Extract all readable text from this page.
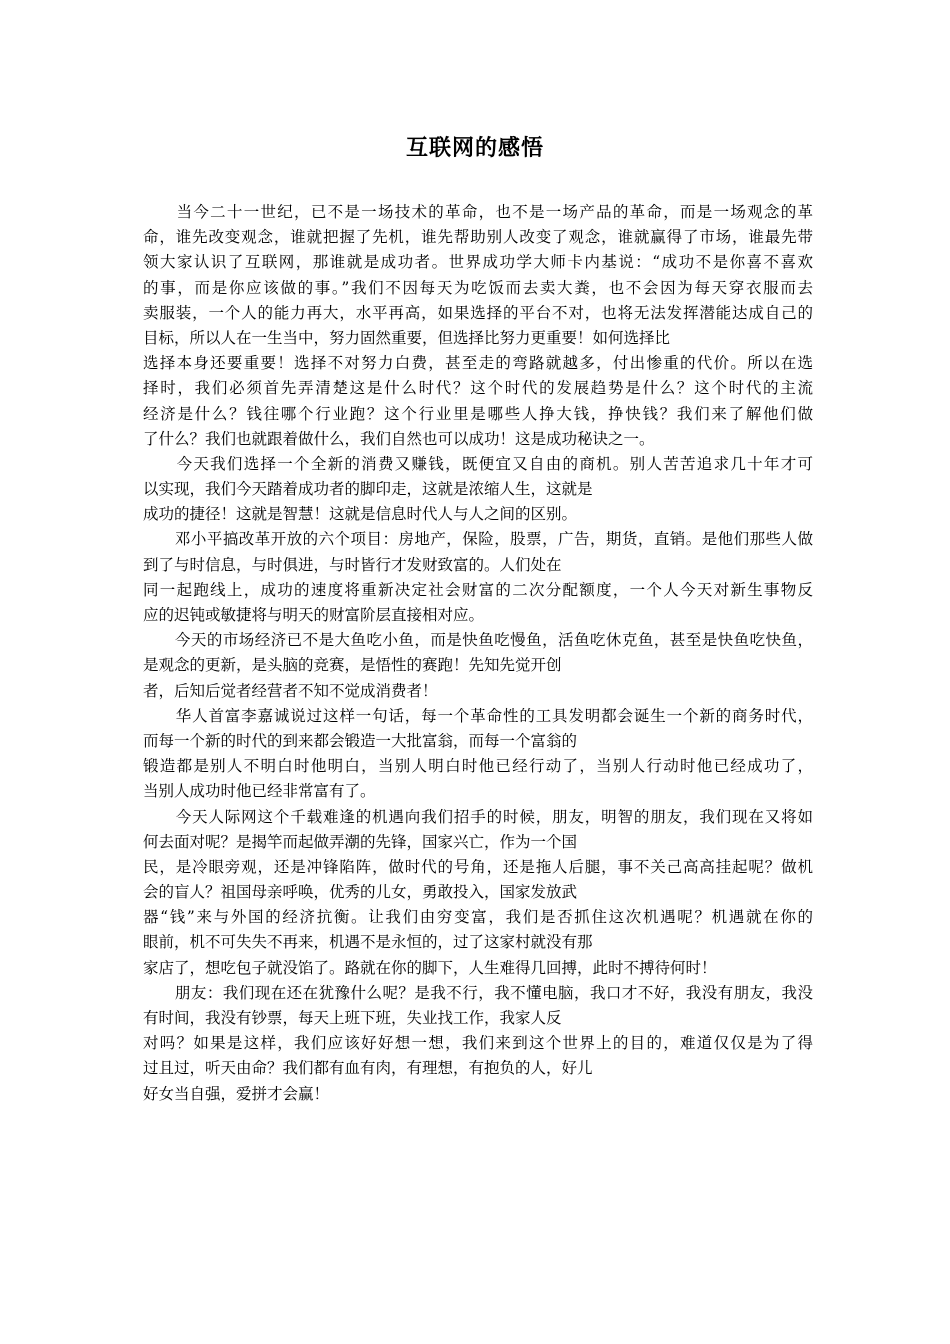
互联网的感悟
　　当今二十一世纪，已不是一场技术的革命，也不是一场产品的革命，而是一场观念的革
命，谁先改变观念，谁就把握了先机，谁先帮助别人改变了观念，谁就赢得了市场，谁最先带
领大家认识了互联网，那谁就是成功者。世界成功学大师卡内基说：“成功不是你喜不喜欢
的事，而是你应该做的事。”我们不因每天为吃饭而去卖大粪，也不会因为每天穿衣服而去
卖服装，一个人的能力再大，水平再高，如果选择的平台不对，也将无法发挥潜能达成自己的
目标，所以人在一生当中，努力固然重要，但选择比努力更重要！如何选择比
选择本身还要重要！选择不对努力白费，甚至走的弯路就越多，付出惨重的代价。所以在选
择时，我们必须首先弄清楚这是什么时代？这个时代的发展趋势是什么？这个时代的主流
经济是什么？钱往哪个行业跑？这个行业里是哪些人挣大钱，挣快钱？我们来了解他们做
了什么？我们也就跟着做什么，我们自然也可以成功！这是成功秘诀之一。
　　今天我们选择一个全新的消费又赚钱，既便宜又自由的商机。别人苦苦追求几十年才可
以实现，我们今天踏着成功者的脚印走，这就是浓缩人生，这就是
成功的捷径！这就是智慧！这就是信息时代人与人之间的区别。
　　邓小平搞改革开放的六个项目：房地产，保险，股票，广告，期货，直销。是他们那些人做
到了与时信息，与时俱进，与时皆行才发财致富的。人们处在
同一起跑线上，成功的速度将重新决定社会财富的二次分配额度，一个人今天对新生事物反
应的迟钝或敏捷将与明天的财富阶层直接相对应。
　　今天的市场经济已不是大鱼吃小鱼，而是快鱼吃慢鱼，活鱼吃休克鱼，甚至是快鱼吃快鱼，
是观念的更新，是头脑的竞赛，是悟性的赛跑！先知先觉开创
者，后知后觉者经营者不知不觉成消费者！
　　华人首富李嘉诚说过这样一句话，每一个革命性的工具发明都会诞生一个新的商务时代，
而每一个新的时代的到来都会锻造一大批富翁，而每一个富翁的
锻造都是别人不明白时他明白，当别人明白时他已经行动了，当别人行动时他已经成功了，
当别人成功时他已经非常富有了。
　　今天人际网这个千载难逢的机遇向我们招手的时候，朋友，明智的朋友，我们现在又将如
何去面对呢？是揭竿而起做弄潮的先锋，国家兴亡，作为一个国
民，是冷眼旁观，还是冲锋陷阵，做时代的号角，还是拖人后腿，事不关己高高挂起呢？做机
会的盲人？祖国母亲呼唤，优秀的儿女，勇敢投入，国家发放武
器“钱”来与外国的经济抗衡。让我们由穷变富，我们是否抓住这次机遇呢？机遇就在你的
眼前，机不可失失不再来，机遇不是永恒的，过了这家村就没有那
家店了，想吃包子就没馅了。路就在你的脚下，人生难得几回搏，此时不搏待何时！
　　朋友：我们现在还在犹豫什么呢？是我不行，我不懂电脑，我口才不好，我没有朋友，我没
有时间，我没有钞票，每天上班下班，失业找工作，我家人反
对吗？如果是这样，我们应该好好想一想，我们来到这个世界上的目的，难道仅仅是为了得
过且过，听天由命？我们都有血有肉，有理想，有抱负的人，好儿
好女当自强，爱拼才会赢！
